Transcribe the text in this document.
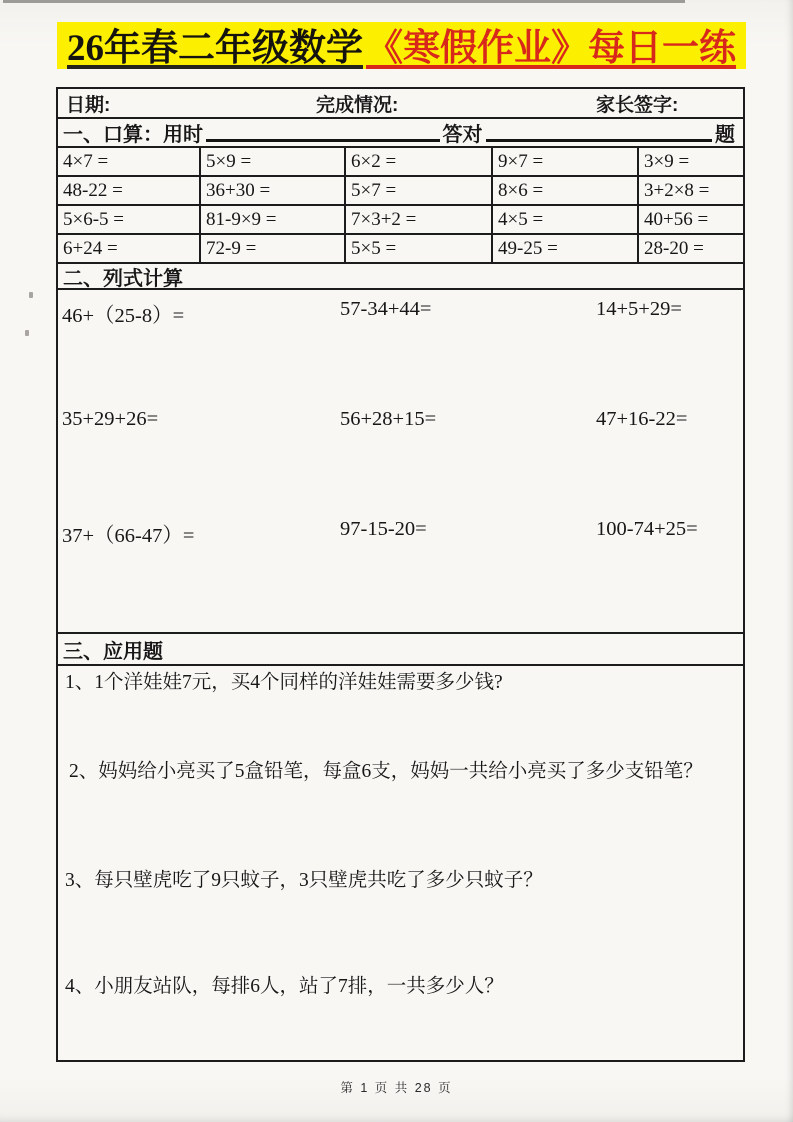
26年春二年级数学 《寒假作业》每日一练
日期:	完成情况:	家长签字:
一、口算：用时	答对	题
4×7 =	5×9 =	6×2 =	9×7 =	3×9 =
48-22 =	36+30 =	5×7 =	8×6 =	3+2×8 =
5×6-5 =	81-9×9 =	7×3+2 =	4×5 =	40+56 =
6+24 =	72-9 =	5×5 =	49-25 =	28-20 =
二、列式计算
46+（25-8）=	57-34+44=	14+5+29=
35+29+26=	56+28+15=	47+16-22=
37+（66-47）=	97-15-20=	100-74+25=
三、应用题
1、1个洋娃娃7元，买4个同样的洋娃娃需要多少钱?
2、妈妈给小亮买了5盒铅笔，每盒6支，妈妈一共给小亮买了多少支铅笔？
3、每只壁虎吃了9只蚊子，3只壁虎共吃了多少只蚊子？
4、小朋友站队，每排6人，站了7排，一共多少人？
第 1 页 共 28 页
